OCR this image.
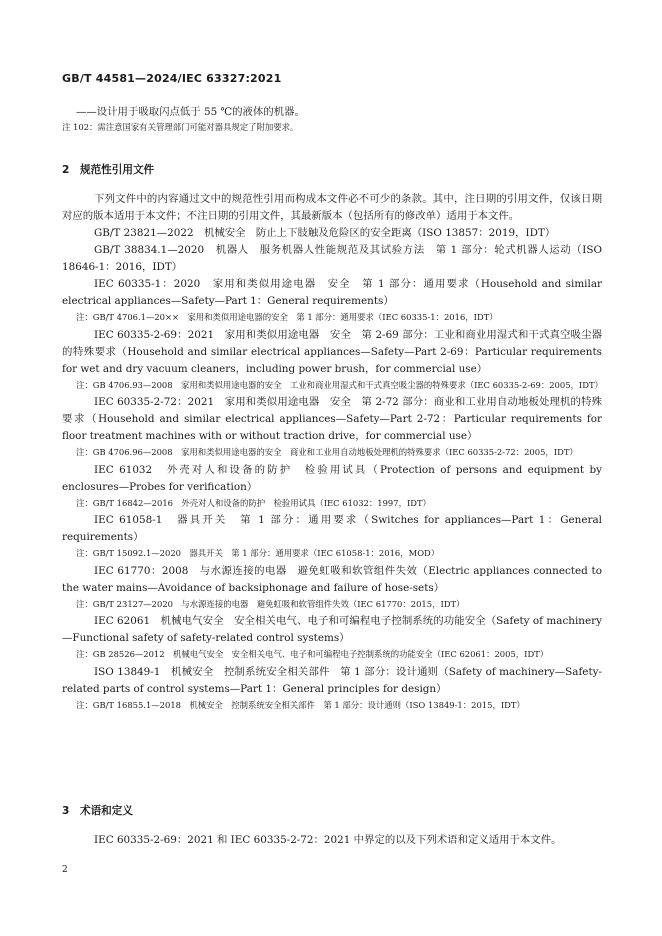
GB/T 44581—2024/IEC 63327:2021

——设计用于吸取闪点低于 55 ℃的液体的机器。

注 102：需注意国家有关管理部门可能对器具规定了附加要求。

2 规范性引用文件

下列文件中的内容通过文中的规范性引用而构成本文件必不可少的条款。其中，注日期的引用文件，仅该日期对应的版本适用于本文件；不注日期的引用文件，其最新版本（包括所有的修改单）适用于本文件。

GB/T 23821—2022　机械安全　防止上下肢触及危险区的安全距离（ISO 13857：2019，IDT）

GB/T 38834.1—2020　机器人　服务机器人性能规范及其试验方法　第 1 部分：轮式机器人运动（ISO 18646-1：2016，IDT）

IEC 60335-1：2020　家用和类似用途电器　安全　第 1 部分：通用要求（Household and similar electrical appliances—Safety—Part 1：General requirements）

注：GB/T 4706.1—20××　家用和类似用途电器的安全　第 1 部分：通用要求（IEC 60335-1：2016，IDT）

IEC 60335-2-69：2021　家用和类似用途电器　安全　第 2-69 部分：工业和商业用湿式和干式真空吸尘器的特殊要求（Household and similar electrical appliances—Safety—Part 2-69：Particular requirements for wet and dry vacuum cleaners，including power brush，for commercial use）

注：GB 4706.93—2008　家用和类似用途电器的安全　工业和商业用湿式和干式真空吸尘器的特殊要求（IEC 60335-2-69：2005，IDT）

IEC 60335-2-72：2021　家用和类似用途电器　安全　第 2-72 部分：商业和工业用自动地板处理机的特殊要求（Household and similar electrical appliances—Safety—Part 2-72：Particular requirements for floor treatment machines with or without traction drive，for commercial use）

注：GB 4706.96—2008　家用和类似用途电器的安全　商业和工业用自动地板处理机的特殊要求（IEC 60335-2-72：2005，IDT）

IEC 61032　外壳对人和设备的防护　检验用试具（Protection of persons and equipment by enclosures—Probes for verification）

注：GB/T 16842—2016　外壳对人和设备的防护　检验用试具（IEC 61032：1997，IDT）

IEC 61058-1　器具开关　第 1 部分：通用要求（Switches for appliances—Part 1：General requirements）

注：GB/T 15092.1—2020　器具开关　第 1 部分：通用要求（IEC 61058-1：2016，MOD）

IEC 61770：2008　与水源连接的电器　避免虹吸和软管组件失效（Electric appliances connected to the water mains—Avoidance of backsiphonage and failure of hose-sets）

注：GB/T 23127—2020　与水源连接的电器　避免虹吸和软管组件失效（IEC 61770：2015，IDT）

IEC 62061　机械电气安全　安全相关电气、电子和可编程电子控制系统的功能安全（Safety of machinery—Functional safety of safety-related control systems）

注：GB 28526—2012　机械电气安全　安全相关电气、电子和可编程电子控制系统的功能安全（IEC 62061：2005，IDT）

ISO 13849-1　机械安全　控制系统安全相关部件　第 1 部分：设计通则（Safety of machinery—Safety-related parts of control systems—Part 1：General principles for design）

注：GB/T 16855.1—2018　机械安全　控制系统安全相关部件　第 1 部分：设计通则（ISO 13849-1：2015，IDT）

3 术语和定义

IEC 60335-2-69：2021 和 IEC 60335-2-72：2021 中界定的以及下列术语和定义适用于本文件。

2
